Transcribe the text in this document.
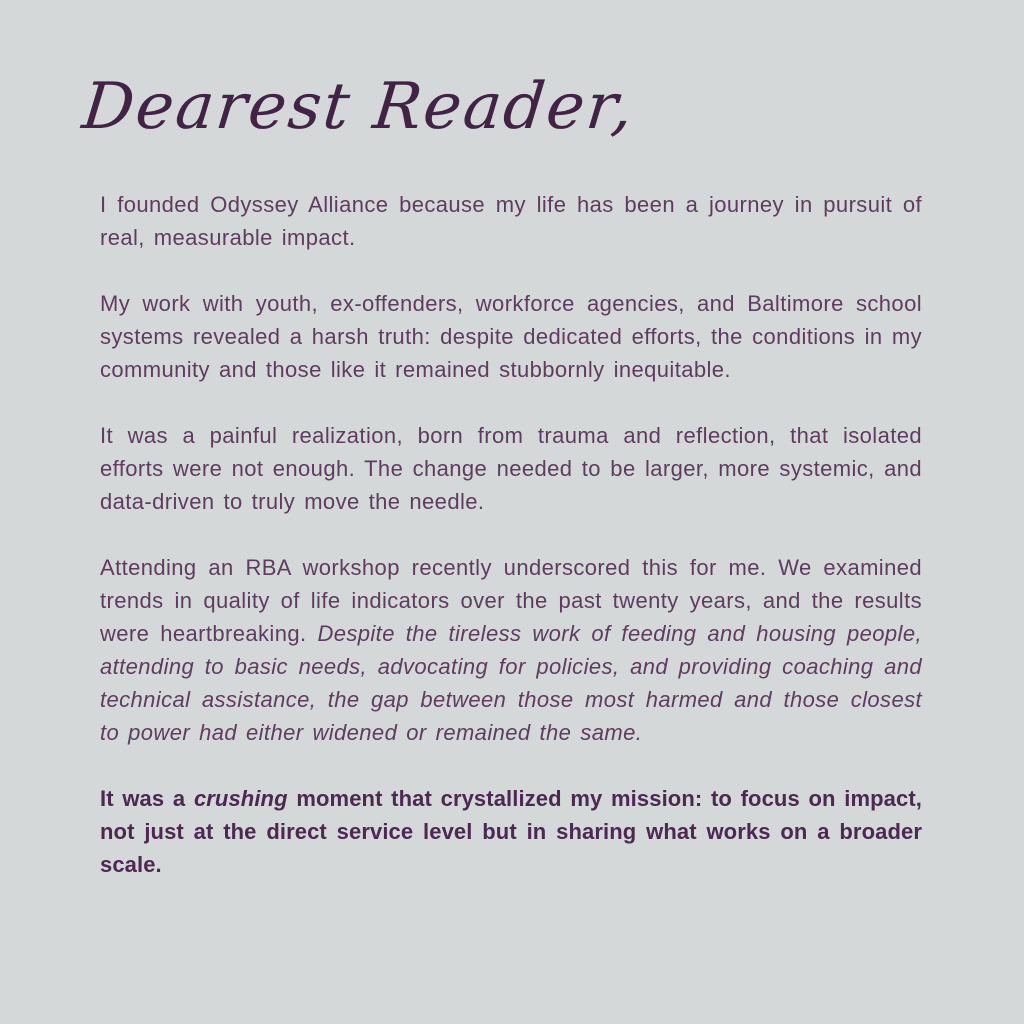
Dearest Reader,

I founded Odyssey Alliance because my life has been a journey in pursuit of real, measurable impact.

My work with youth, ex-offenders, workforce agencies, and Baltimore school systems revealed a harsh truth: despite dedicated efforts, the conditions in my community and those like it remained stubbornly inequitable.

It was a painful realization, born from trauma and reflection, that isolated efforts were not enough. The change needed to be larger, more systemic, and data-driven to truly move the needle.

Attending an RBA workshop recently underscored this for me. We examined trends in quality of life indicators over the past twenty years, and the results were heartbreaking. Despite the tireless work of feeding and housing people, attending to basic needs, advocating for policies, and providing coaching and technical assistance, the gap between those most harmed and those closest to power had either widened or remained the same.

It was a crushing moment that crystallized my mission: to focus on impact, not just at the direct service level but in sharing what works on a broader scale.
